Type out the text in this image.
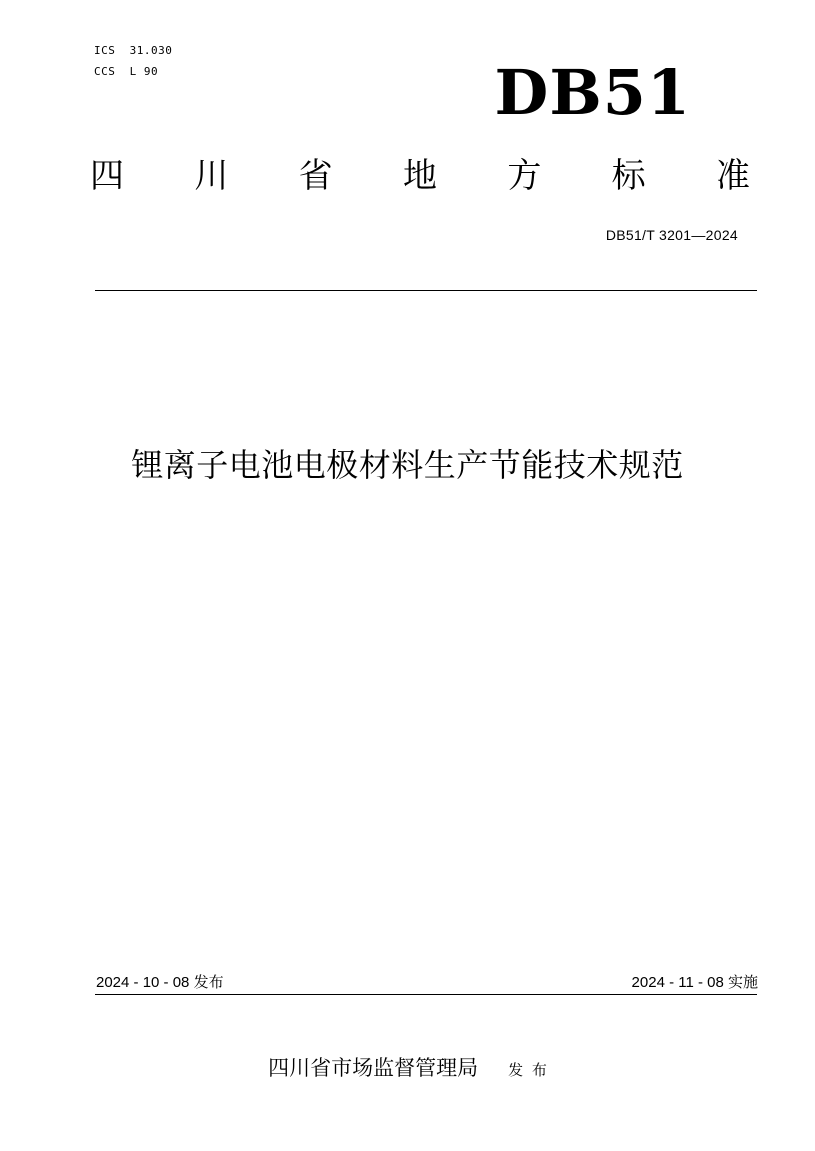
ICS  31.030
CCS  L 90	DB51
四 川 省 地 方 标 准
DB51/T 3201—2024
锂离子电池电极材料生产节能技术规范
2024 - 10 - 08 发布	2024 - 11 - 08 实施
四川省市场监督管理局 发 布
